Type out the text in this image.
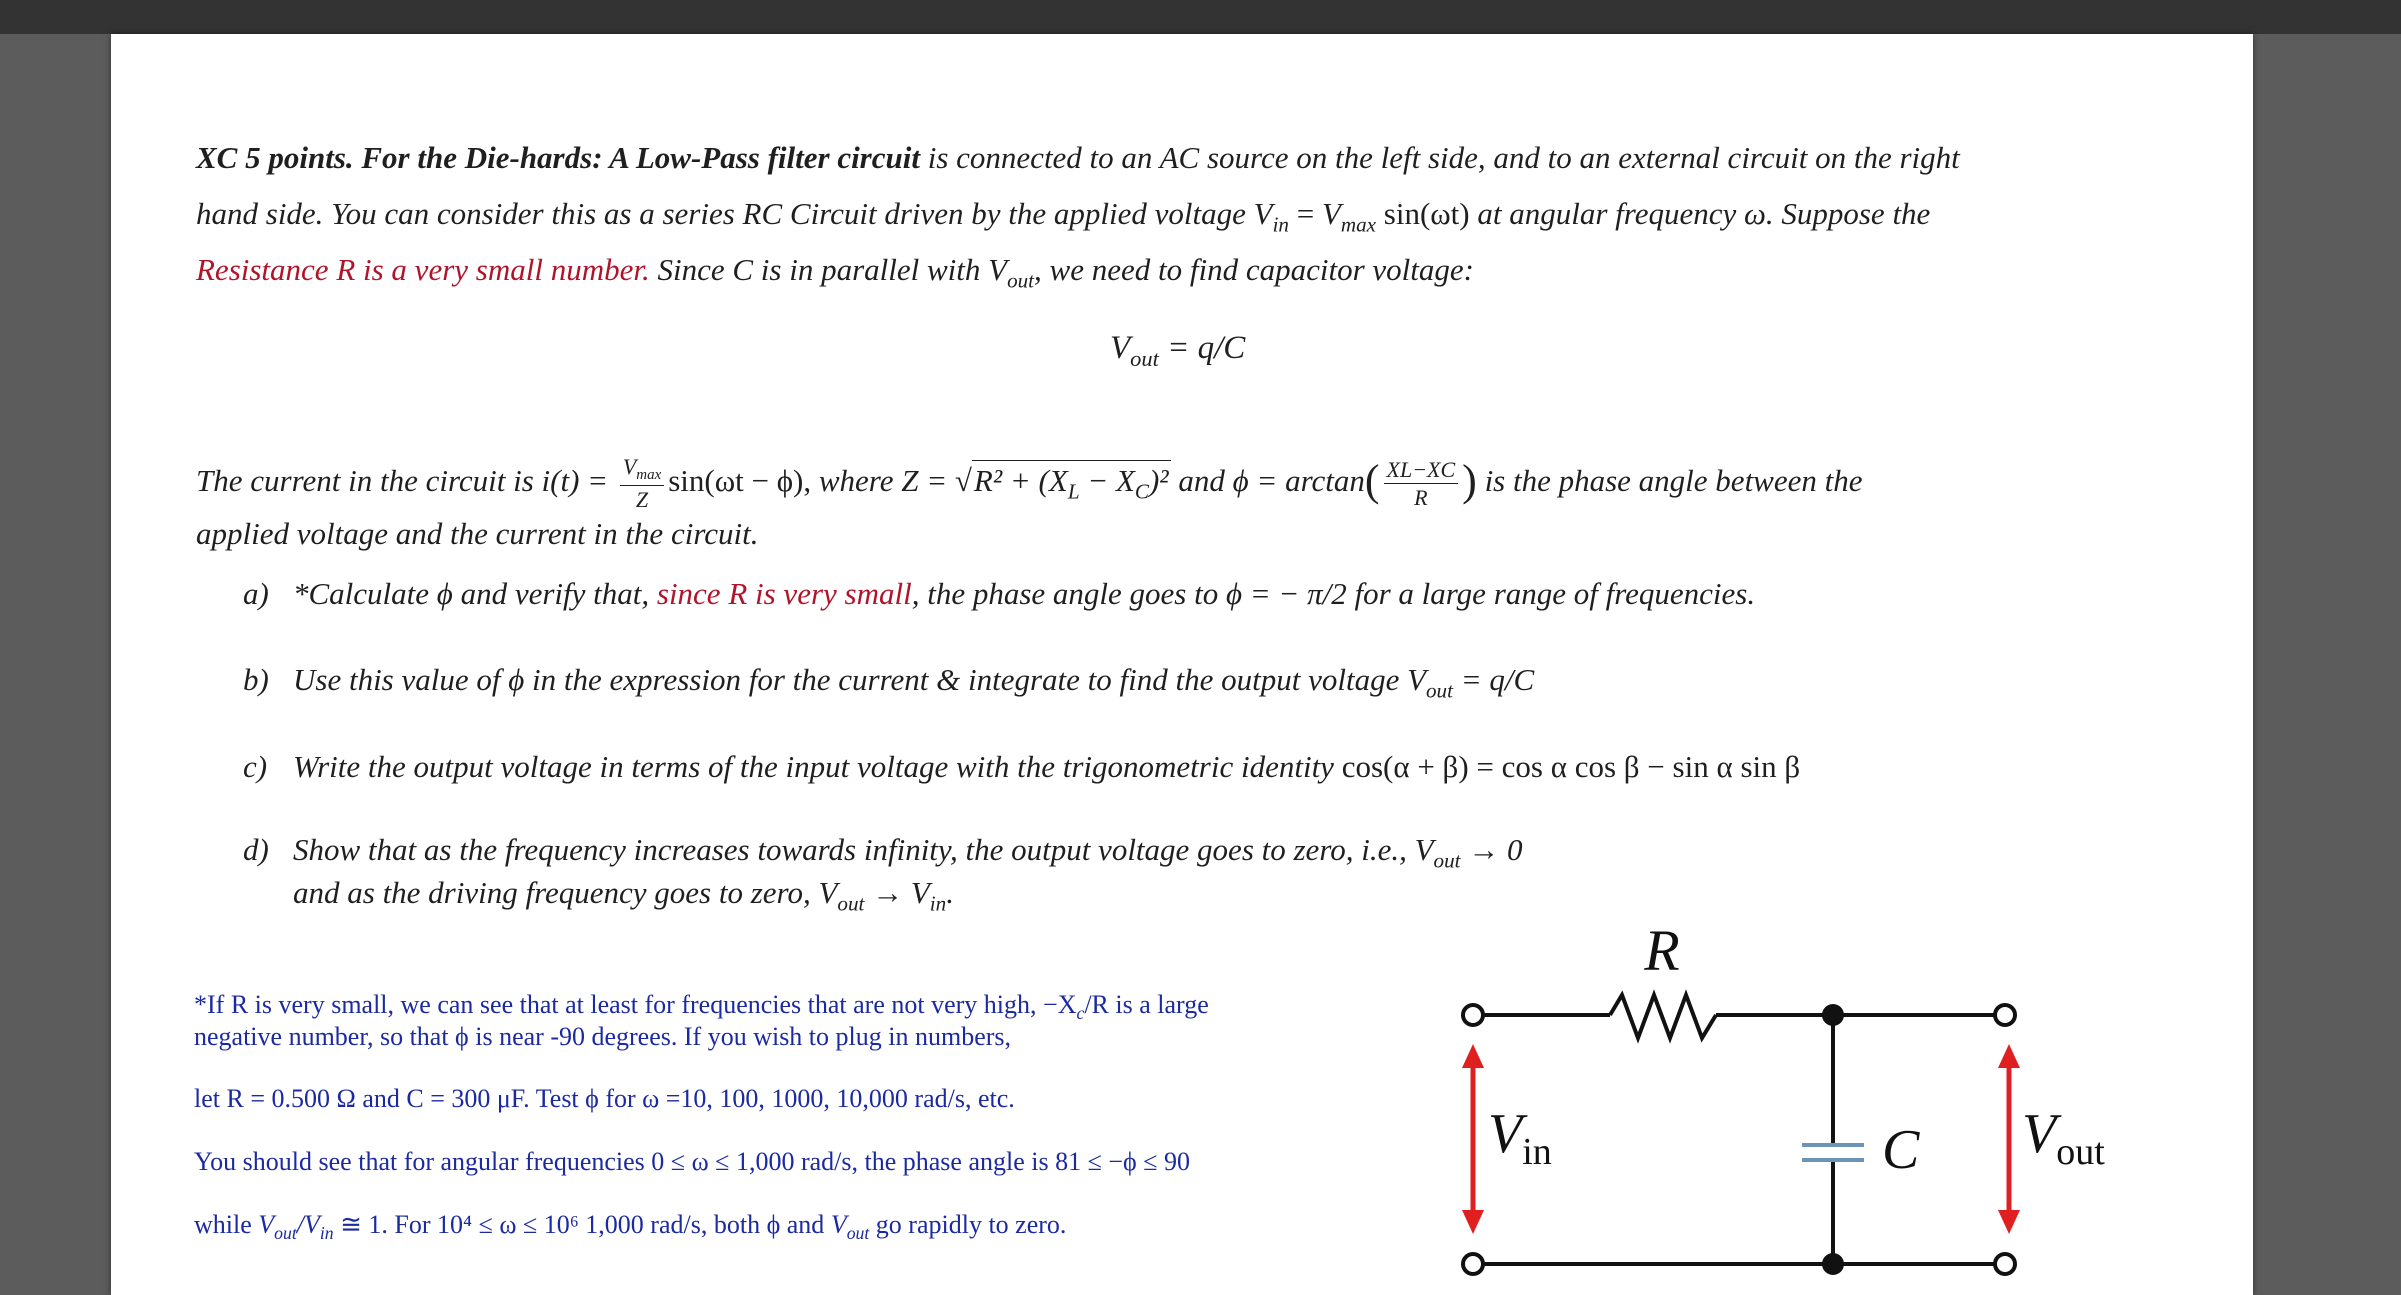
XC 5 points. For the Die-hards: A Low-Pass filter circuit is connected to an AC source on the left side, and to an external circuit on the right
hand side. You can consider this as a series RC Circuit driven by the applied voltage $V_{in} = V_{max}$ sin(ωt) at angular frequency ω. Suppose the
Resistance R is a very small number. Since C is in parallel with $V_{out}$, we need to find capacitor voltage:
$V_{out} = q/C$
The current in the circuit is $i(t) = \frac{V_{max}}{Z} \sin(\omega t - \phi)$, where $Z = √R^2 + (X_L - X_C)^2$ and $\phi = \arctan( \frac{XL-XC}{R}$ ) is the phase angle between the
applied voltage and the current in the circuit.
a) *Calculate ϕ and verify that, since R is very small, the phase angle goes to ϕ = − π/2 for a large range of frequencies.
b) Use this value of ϕ in the expression for the current & integrate to find the output voltage $V_{out} = q/C$
c) Write the output voltage in terms of the input voltage with the trigonometric identity cos(α + β) = cos α cos β − sin α sin β
d) Show that as the frequency increases towards infinity, the output voltage goes to zero, i.e., $V_{out} \to 0$
and as the driving frequency goes to zero, $V_{out} \to V_{in}$.
*If R is very small, we can see that at least for frequencies that are not very high, $-X_c/R$ is a large
negative number, so that ϕ is near -90 degrees. If you wish to plug in numbers,
let R = 0.500 Ω and C = 300 μF. Test ϕ for ω =10, 100, 1000, 10,000 rad/s, etc.
You should see that for angular frequencies 0 ≤ ω ≤ 1,000 rad/s, the phase angle is 81 ≤ −ϕ ≤ 90
while $V_{out}/V_{in}$ ≅ 1. For 10⁴ ≤ ω ≤ 10⁶ 1,000 rad/s, both ϕ and $V_{out}$ go rapidly to zero.
R
C
$V_{in}$	$V_{out}$
